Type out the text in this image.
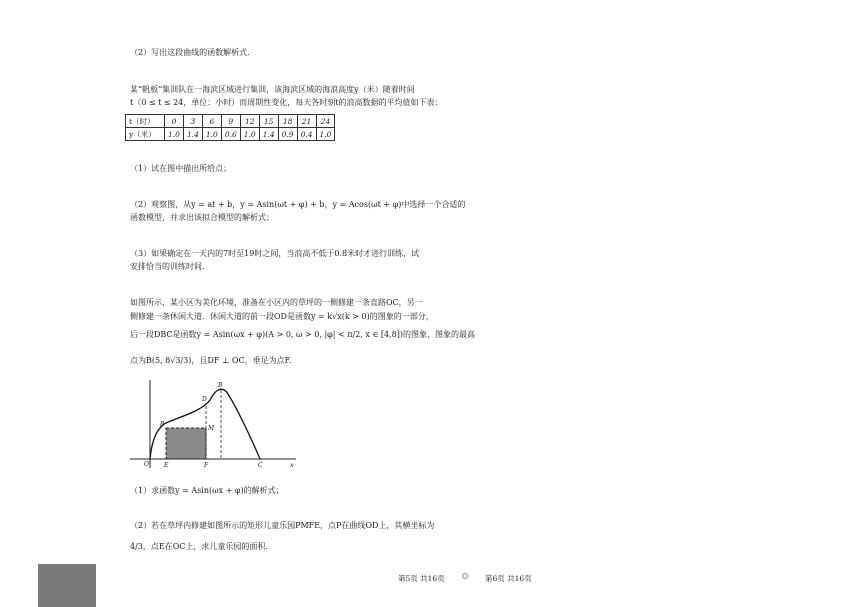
（2）写出这段曲线的函数解析式.
某“帆板”集训队在一海滨区域进行集训，该海滨区域的海浪高度y（米）随着时间
t（0 ≤ t ≤ 24，单位：小时）而周期性变化，每天各时刻t的浪高数据的平均值如下表：
t（时）	0	3	6	9	12	15	18	21	24
y（米）	1.0	1.4	1.0	0.6	1.0	1.4	0.9	0.4	1.0
（1）试在图中描出所给点；
（2）观察图，从y = at + b，y = Asin(ωt + φ) + b，y = Acos(ωt + φ)中选择一个合适的
函数模型，并求出该拟合模型的解析式；
（3）如果确定在一天内的7时至19时之间，当浪高不低于0.8米时才进行训练，试
安排恰当的训练时间.
如图所示，某小区为美化环境，准备在小区内的草坪的一侧修建一条直路OC，另一
侧修建一条休闲大道．休闲大道的前一段OD是函数y = k√x(k > 0)的图象的一部分，
后一段DBC是函数y = Asin(ωx + φ)(A > 0, ω > 0, |φ| < π/2, x ∈ [4,8])的图象，图象的最高
点为B(5, 8√3/3)，且DF ⊥ OC，垂足为点F.
B
D
P
M
O	E	F	C	x
（1）求函数y = Asin(ωx + φ)的解析式；
（2）若在草坪内修建如图所示的矩形儿童乐园PMFE，点P在曲线OD上，其横坐标为
4/3，点E在OC上，求儿童乐园的面积.
第5页 共16页	第6页 共16页
